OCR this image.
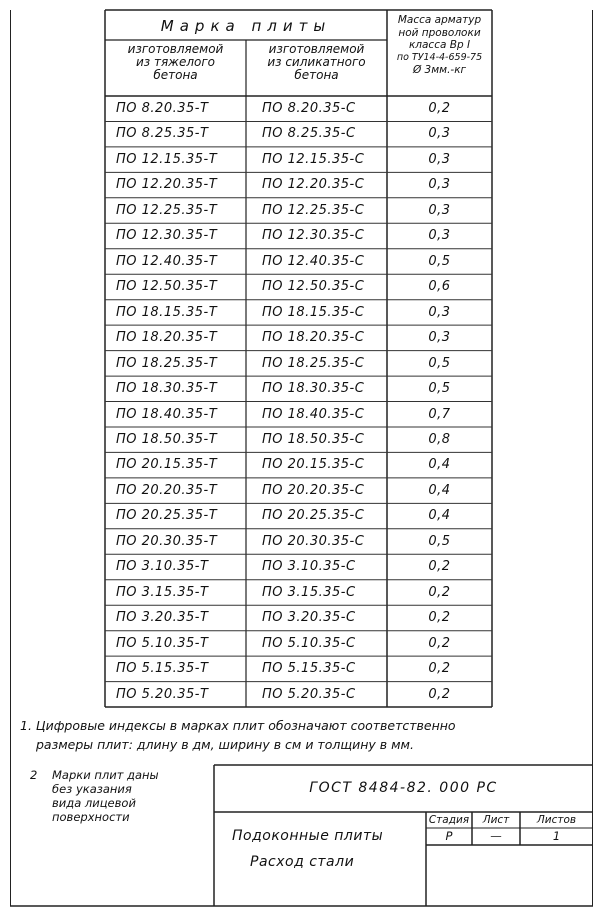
Марка плиты
изготовляемой
из тяжелого
бетона
изготовляемой
из силикатного
бетона
Масса арматур
ной проволоки
класса Вр I
по ТУ14-4-659-75
Ø 3мм.-кг
ПО 8.20.35-Т	ПО 8.20.35-С	0,2
ПО 8.25.35-Т	ПО 8.25.35-С	0,3
ПО 12.15.35-Т	ПО 12.15.35-С	0,3
ПО 12.20.35-Т	ПО 12.20.35-С	0,3
ПО 12.25.35-Т	ПО 12.25.35-С	0,3
ПО 12.30.35-Т	ПО 12.30.35-С	0,3
ПО 12.40.35-Т	ПО 12.40.35-С	0,5
ПО 12.50.35-Т	ПО 12.50.35-С	0,6
ПО 18.15.35-Т	ПО 18.15.35-С	0,3
ПО 18.20.35-Т	ПО 18.20.35-С	0,3
ПО 18.25.35-Т	ПО 18.25.35-С	0,5
ПО 18.30.35-Т	ПО 18.30.35-С	0,5
ПО 18.40.35-Т	ПО 18.40.35-С	0,7
ПО 18.50.35-Т	ПО 18.50.35-С	0,8
ПО 20.15.35-Т	ПО 20.15.35-С	0,4
ПО 20.20.35-Т	ПО 20.20.35-С	0,4
ПО 20.25.35-Т	ПО 20.25.35-С	0,4
ПО 20.30.35-Т	ПО 20.30.35-С	0,5
ПО 3.10.35-Т	ПО 3.10.35-С	0,2
ПО 3.15.35-Т	ПО 3.15.35-С	0,2
ПО 3.20.35-Т	ПО 3.20.35-С	0,2
ПО 5.10.35-Т	ПО 5.10.35-С	0,2
ПО 5.15.35-Т	ПО 5.15.35-С	0,2
ПО 5.20.35-Т	ПО 5.20.35-С	0,2
1. Цифровые индексы в марках плит обозначают соответственно
размеры плит: длину в дм, ширину в см и толщину в мм.
2 Марки плит даны
без указания
вида лицевой
поверхности
ГОСТ 8484-82. 000 РС
Подоконные плиты
Расход стали
Стадия	Лист	Листов
Р	—	1
